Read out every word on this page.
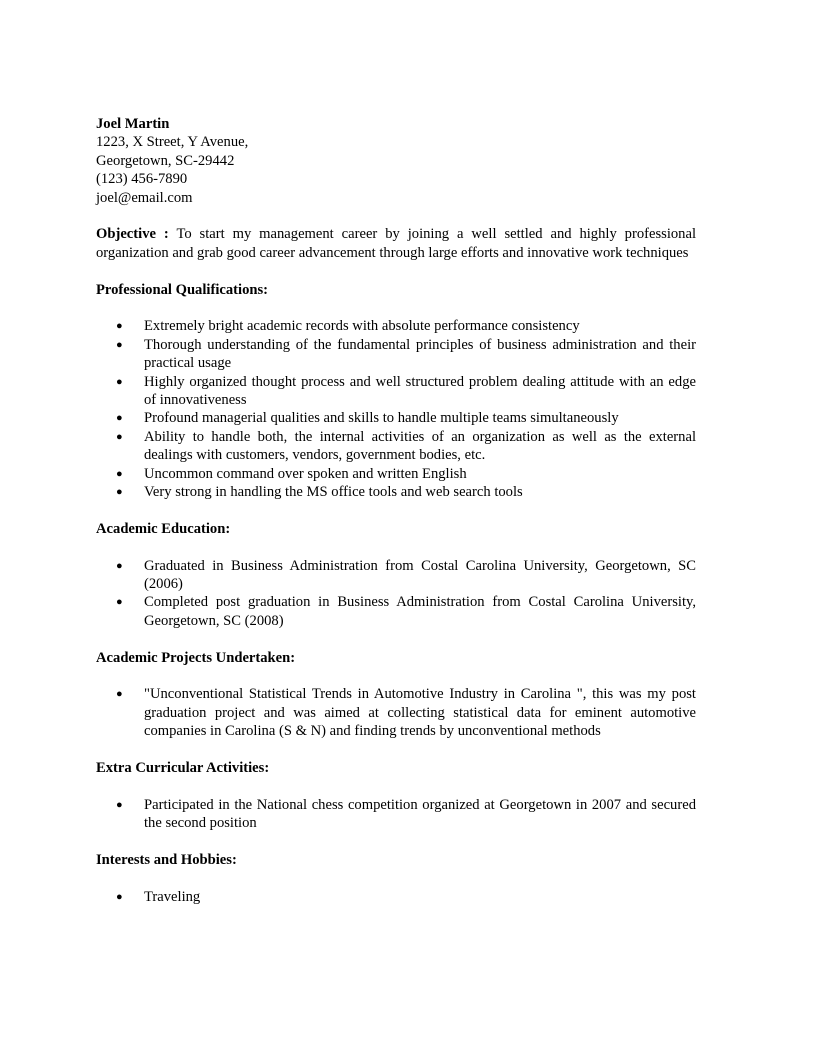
Joel Martin
1223, X Street, Y Avenue,
Georgetown, SC-29442
(123) 456-7890
joel@email.com
Objective : To start my management career by joining a well settled and highly professional organization and grab good career advancement through large efforts and innovative work techniques
Professional Qualifications:
● Extremely bright academic records with absolute performance consistency
● Thorough understanding of the fundamental principles of business administration and their practical usage
● Highly organized thought process and well structured problem dealing attitude with an edge of innovativeness
● Profound managerial qualities and skills to handle multiple teams simultaneously
● Ability to handle both, the internal activities of an organization as well as the external dealings with customers, vendors, government bodies, etc.
● Uncommon command over spoken and written English
● Very strong in handling the MS office tools and web search tools
Academic Education:
● Graduated in Business Administration from Costal Carolina University, Georgetown, SC (2006)
● Completed post graduation in Business Administration from Costal Carolina University, Georgetown, SC (2008)
Academic Projects Undertaken:
● "Unconventional Statistical Trends in Automotive Industry in Carolina ", this was my post graduation project and was aimed at collecting statistical data for eminent automotive companies in Carolina (S & N) and finding trends by unconventional methods
Extra Curricular Activities:
● Participated in the National chess competition organized at Georgetown in 2007 and secured the second position
Interests and Hobbies:
● Traveling
